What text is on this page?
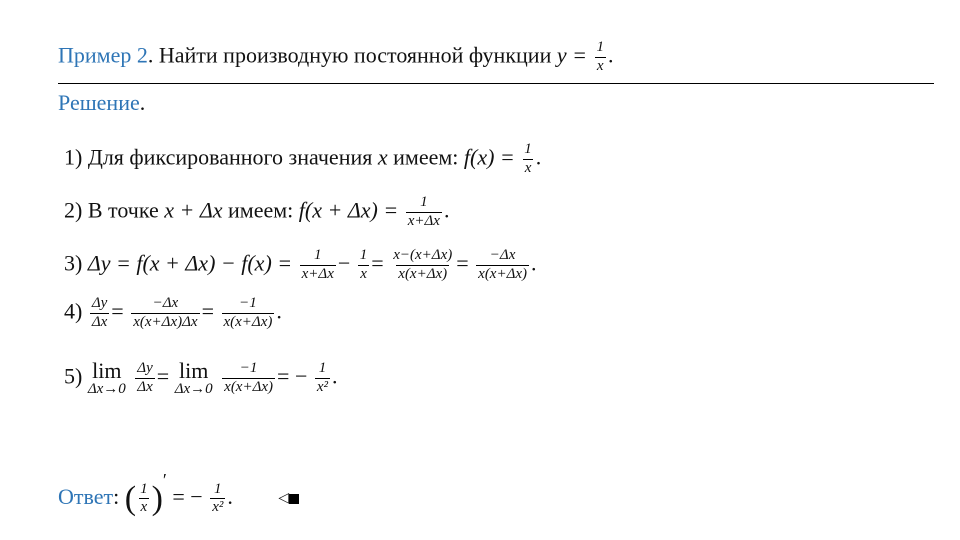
Пример 2. Найти производную постоянной функции $y = \frac{1}{x}$ .
Решение.
1) Для фиксированного значения x имеем: $f(x) = \frac{1}{x}$ .
2) В точке x + Δx имеем: $f(x + \Delta x) = \frac{1}{x+\Delta x}$ .
3) $\Delta y = f(x + \Delta x) - f(x) = \frac{1}{x+\Delta x} - \frac{1}{x} = \frac{x-(x+\Delta x)}{x(x+\Delta x)} = \frac{-\Delta x}{x(x+\Delta x)}$ .
$4) \frac{\Delta y}{\Delta x} = \frac{-\Delta x}{x(x+\Delta x)\Delta x} = \frac{-1}{x(x+\Delta x)}$ .
5) lim
Δx→0
$\frac{\Delta y}{\Delta x} = \lim$
Δx→0
$\frac{-1}{x(x+\Delta x)}$ = − $\frac{1}{\text{x²}}$ .
Ответ: ( $\frac{1}{x} )'$ = − $\frac{1}{\text{x²}}$ .	◁
